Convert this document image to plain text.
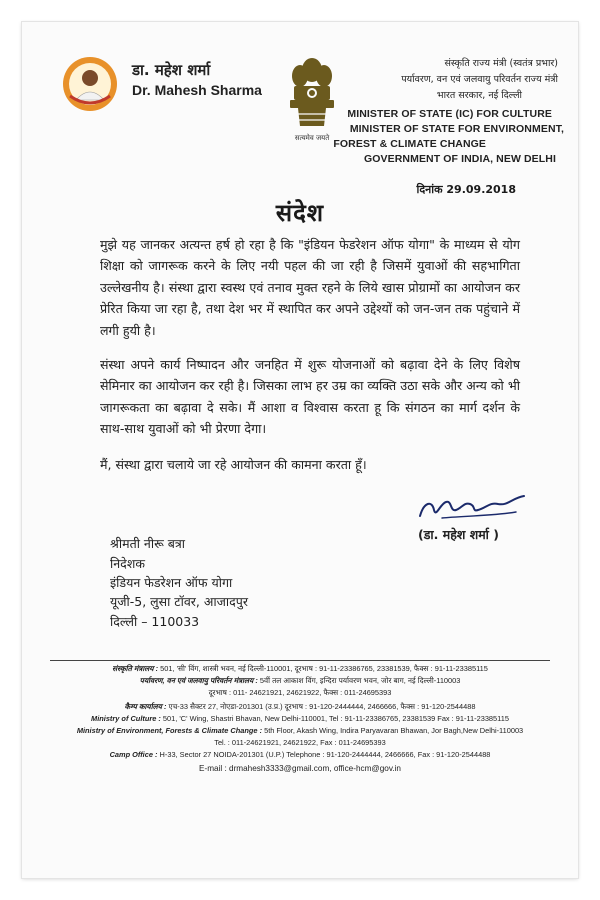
डा. महेश शर्मा
Dr. Mahesh Sharma
सत्यमेव जयते
संस्कृति राज्य मंत्री (स्वतंत्र प्रभार)
पर्यावरण, वन एवं जलवायु परिवर्तन राज्य मंत्री
भारत सरकार, नई दिल्ली
MINISTER OF STATE (IC) FOR CULTURE
MINISTER OF STATE FOR ENVIRONMENT,
FOREST & CLIMATE CHANGE
GOVERNMENT OF INDIA, NEW DELHI
दिनांक 29.09.2018
संदेश

मुझे यह जानकर अत्यन्त हर्ष हो रहा है कि "इंडियन फेडरेशन ऑफ योगा" के माध्यम से योग शिक्षा को जागरूक करने के लिए नयी पहल की जा रही है जिसमें युवाओं की सहभागिता उल्लेखनीय है। संस्था द्वारा स्वस्थ एवं तनाव मुक्त रहने के लिये खास प्रोग्रामों का आयोजन कर प्रेरित किया जा रहा है, तथा देश भर में स्थापित कर अपने उद्देश्यों को जन-जन तक पहुंचाने में लगी हुयी है।

संस्था अपने कार्य निष्पादन और जनहित में शुरू योजनाओं को बढ़ावा देने के लिए विशेष सेमिनार का आयोजन कर रही है। जिसका लाभ हर उम्र का व्यक्ति उठा सके और अन्य को भी जागरूकता का बढ़ावा दे सके। मैं आशा व विश्वास करता हू कि संगठन का मार्ग दर्शन के साथ-साथ युवाओं को भी प्रेरणा देगा।

मैं, संस्था द्वारा चलाये जा रहे आयोजन की कामना करता हूँ।

(डा. महेश शर्मा )
श्रीमती नीरू बत्रा
निदेशक
इंडियन फेडरेशन ऑफ योगा
यूजी-5, लुसा टॉवर, आजादपुर
दिल्ली – 110033
संस्कृति मंत्रालय : 501, 'सी' विंग, शास्त्री भवन, नई दिल्ली-110001, दूरभाष : 91-11-23386765, 23381539, फैक्स : 91-11-23385115
पर्यावरण, वन एवं जलवायु परिवर्तन मंत्रालय : 5वीं तल आकाश विंग, इन्दिरा पर्यावरण भवन, जोर बाग, नई दिल्ली-110003
दूरभाष : 011- 24621921, 24621922, फैक्स : 011-24695393
कैम्प कार्यालय : एच-33 सैक्टर 27, नोएडा-201301 (उ.प्र.) दूरभाष : 91-120-2444444, 2466666, फैक्स : 91-120-2544488
Ministry of Culture : 501, 'C' Wing, Shastri Bhavan, New Delhi-110001, Tel : 91-11-23386765, 23381539 Fax : 91-11-23385115
Ministry of Environment, Forests & Climate Change : 5th Floor, Akash Wing, Indira Paryavaran Bhawan, Jor Bagh,New Delhi-110003
Tel. : 011-24621921, 24621922, Fax : 011-24695393
Camp Office : H-33, Sector 27 NOIDA-201301 (U.P.) Telephone : 91-120-2444444, 2466666, Fax : 91-120-2544488
E-mail : drmahesh3333@gmail.com, office-hcm@gov.in
